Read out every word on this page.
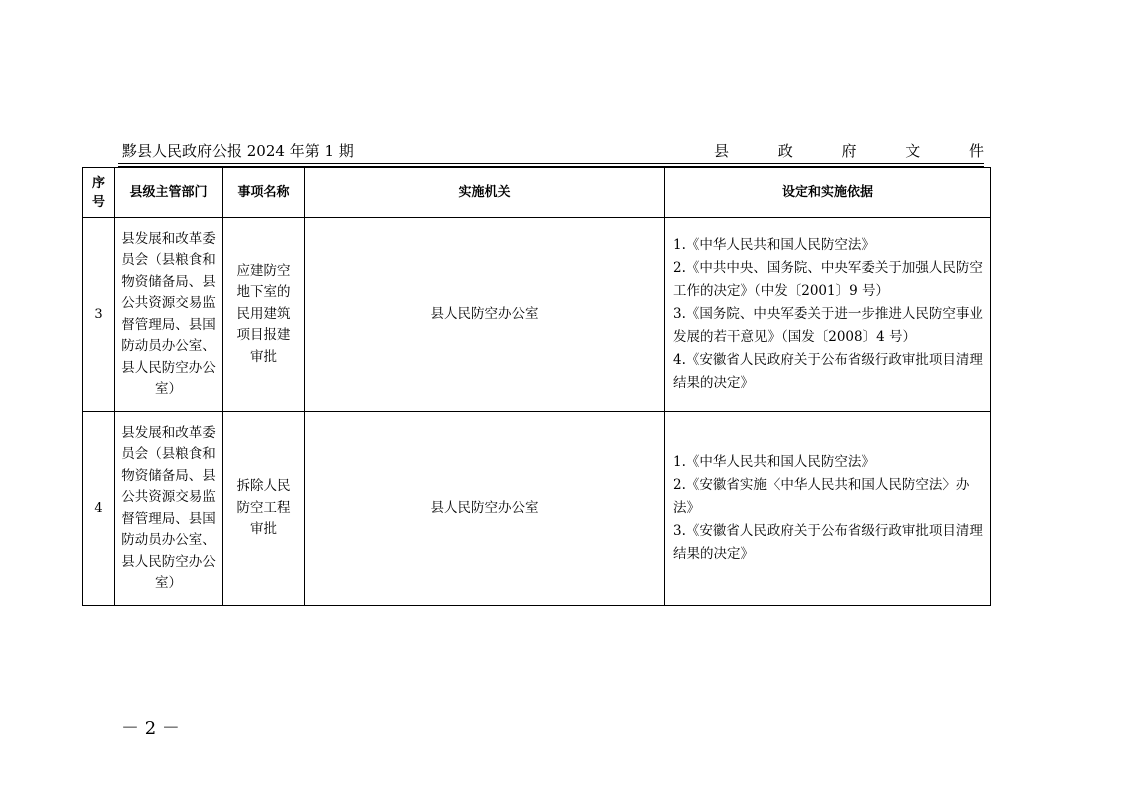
黟县人民政府公报 2024 年第 1 期	县	政	府	文	件
序号	县级主管部门	事项名称	实施机关	设定和实施依据
3	县发展和改革委员会（县粮食和物资储备局、县公共资源交易监督管理局、县国防动员办公室、县人民防空办公室）	应建防空地下室的民用建筑项目报建审批	县人民防空办公室	1.《中华人民共和国人民防空法》
2.《中共中央、国务院、中央军委关于加强人民防空工作的决定》（中发〔2001〕9 号）
3.《国务院、中央军委关于进一步推进人民防空事业发展的若干意见》（国发〔2008〕4 号）
4.《安徽省人民政府关于公布省级行政审批项目清理结果的决定》

4	县发展和改革委员会（县粮食和物资储备局、县公共资源交易监督管理局、县国防动员办公室、县人民防空办公室）	拆除人民防空工程审批	县人民防空办公室	1.《中华人民共和国人民防空法》
2.《安徽省实施〈中华人民共和国人民防空法〉办法》
3.《安徽省人民政府关于公布省级行政审批项目清理结果的决定》
－ 2 －
